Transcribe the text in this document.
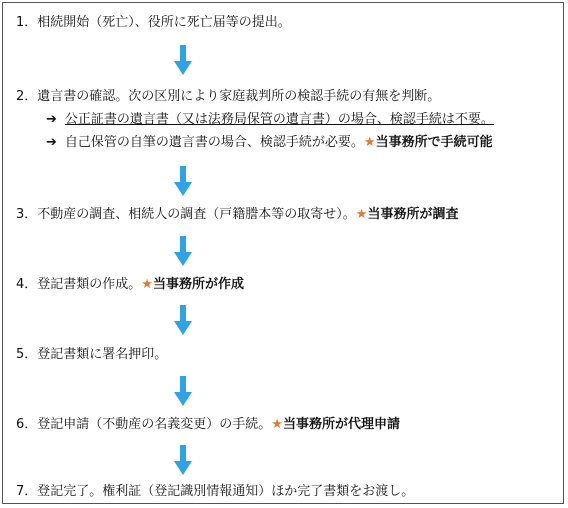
1．相続開始（死亡）、役所に死亡届等の提出。
2．遺言書の確認。次の区別により家庭裁判所の検認手続の有無を判断。
➔ 公正証書の遺言書（又は法務局保管の遺言書）の場合、検認手続は不要。
➔ 自己保管の自筆の遺言書の場合、検認手続が必要。★当事務所で手続可能
3．不動産の調査、相続人の調査（戸籍謄本等の取寄せ）。★当事務所が調査
4．登記書類の作成。★当事務所が作成
5．登記書類に署名押印。
6．登記申請（不動産の名義変更）の手続。★当事務所が代理申請
7．登記完了。権利証（登記識別情報通知）ほか完了書類をお渡し。
